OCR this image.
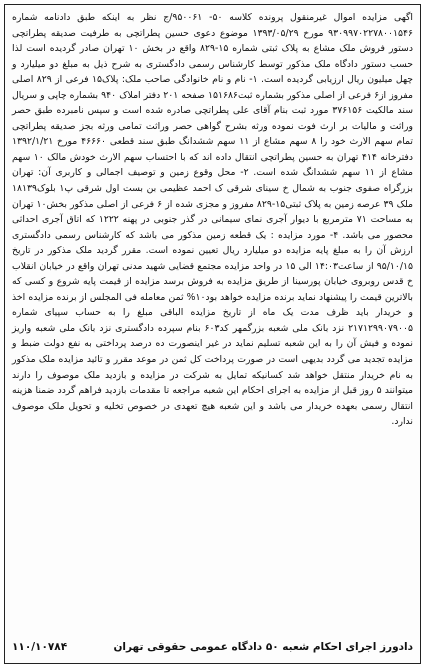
اگهی مزایده اموال غیرمنقول پرونده کلاسه ۵۰- ۹۵۰۰۶۱/ج نظر به اینکه طبق دادنامه شماره ۹۳۰۹۹۷۰۲۲۷۸۰۰۱۵۴۶ مورخ ۱۳۹۳/۰۵/۲۹ موضوع دعوی حسین پطراتچی به طرفیت صدیقه پطراتچی دستور فروش ملک مشاع به پلاک ثبتی شماره ۱۵-۸۲۹ واقع در بخش ۱۰ تهران صادر گردیده است لذا حسب دستور دادگاه ملک مذکور توسط کارشناس رسمی دادگستری به شرح ذیل به مبلغ دو میلیارد و چهل میلیون ریال ارزیابی گردیده است. ۱- نام و نام خانوادگی صاحب ملک: پلاک۱۵ فرعی از ۸۲۹ اصلی مفروز از۶ فرعی از اصلی مذکور بشماره ثبت۱۵۱۶۸۶ صفحه ۲۰۱ دفتر املاک ۹۴۰ بشماره چاپی و سریال سند مالکیت ۳۷۶۱۵۶ مورد ثبت بنام آقای علی پطراتچی صادره شده است و سپس نامبرده طبق حصر وراثت و مالیات بر ارث فوت نموده ورثه بشرح گواهی حصر وراثت تمامی ورثه بجز صدیقه پطراتچی تمام سهم الارث خود را ۸ سهم مشاع از ۱۱ سهم ششدانگ طبق سند قطعی ۴۶۶۶۰ مورخ ۱۳۹۲/۱/۲۱ دفترخانه ۴۱۴ تهران به حسین پطراتچی انتقال داده اند که با احتساب سهم الارث خودش مالک ۱۰ سهم مشاع از ۱۱ سهم ششدانگ شده است. ۲- محل وقوع زمین و توصیف اجمالی و کاربری آن: تهران بزرگراه صفوی جنوب به شمال خ سینای شرقی ک احمد عظیمی بن بست اول شرقی پ۱ بلوک۱۸۱۳۹ ملک ۳۹ عرصه زمین به پلاک ثبتی۱۵-۸۲۹ مفروز و مجزی شده از ۶ فرعی از اصلی مذکور بخش۱۰ تهران به مساحت ۷۱ مترمربع با دیوار آجری نمای سیمانی در گذر جنوبی در پهنه ۱۲۲۲ که اتاق آجری احداثی محصور می باشد. ۴- مورد مزایده : یک قطعه زمین مذکور می باشد که کارشناس رسمی دادگستری ارزش آن را به مبلغ پایه مزایده دو میلیارد ریال تعیین نموده است. مقرر گردید ملک مذکور در تاریخ ۹۵/۱۰/۱۵ از ساعت۱۴:۰۳ الی ۱۵ در واحد مزایده مجتمع قضایی شهید مدنی تهران واقع در خیابان انقلاب خ قدس روبروی خیابان پورسینا از طریق مزایده به فروش برسد مزایده از قیمت پایه شروع و کسی که بالاترین قیمت را پیشنهاد نماید برنده مزایده خواهد بود۱۰% ثمن معامله فی المجلس از برنده مزایده اخذ و خریدار باید ظرف مدت یک ماه از تاریخ مزایده الباقی مبلغ را به حساب سپیای شماره ۲۱۷۱۲۹۹۰۷۹۰۰۵ نزد بانک ملی شعبه بزرگمهر کد۶۰۳ بنام سپرده دادگستری نزد بانک ملی شعبه واریز نموده و فیش آن را به این شعبه تسلیم نماید در غیر اینصورت ده درصد پرداختی به نفع دولت ضبط و مزایده تجدید می گردد بدیهی است در صورت پرداخت کل ثمن در موعد مقرر و تائید مزایده ملک مذکور به نام خریدار منتقل خواهد شد کسانیکه تمایل به شرکت در مزایده و بازدید ملک موصوف را دارند میتوانند ۵ روز قبل از مزایده به اجرای احکام این شعبه مراجعه تا مقدمات بازدید فراهم گردد ضمنا هزینه انتقال رسمی بعهده خریدار می باشد و این شعبه هیچ تعهدی در خصوص تخلیه و تحویل ملک موصوف ندارد.

دادورز اجرای احکام شعبه ۵۰ دادگاه عمومی حقوقی تهران
۱۱۰/۱۰۷۸۴
